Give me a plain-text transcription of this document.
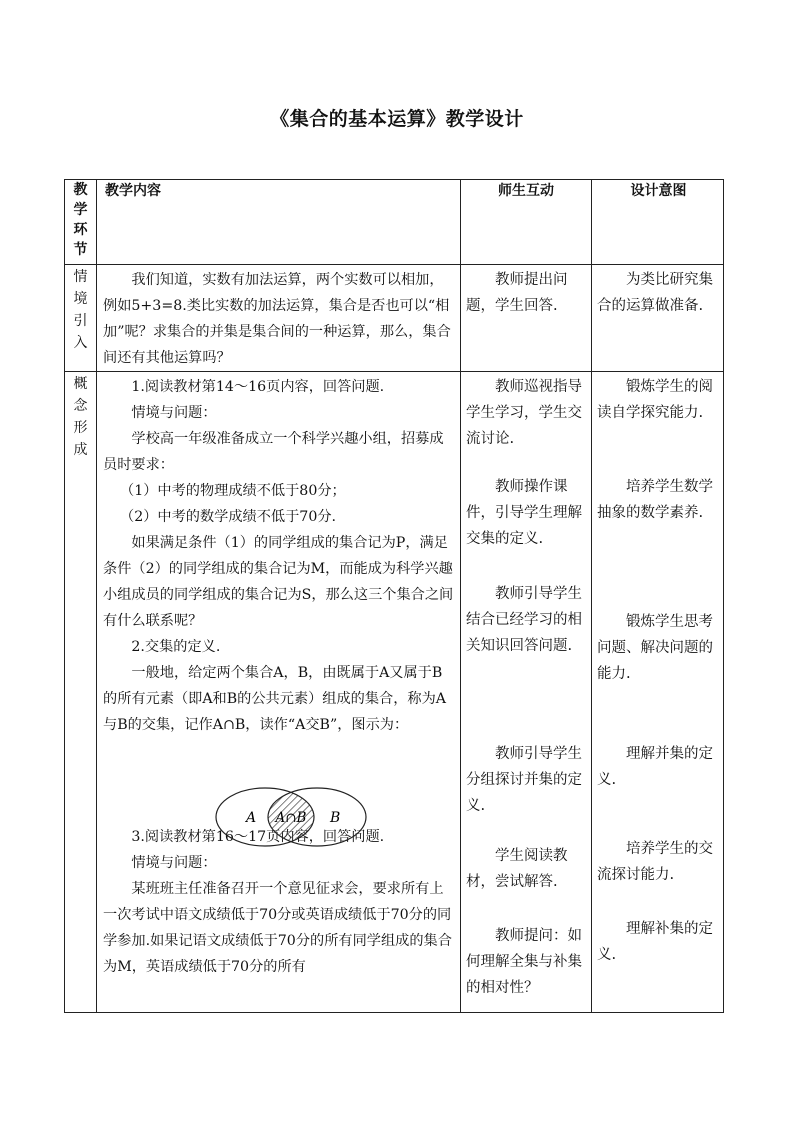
《集合的基本运算》教学设计
教
学
环
节
教学内容	师生互动	设计意图
情
境
引
入
我们知道，实数有加法运算，两个实数可以相加，例如5+3=8.类比实数的加法运算，集合是否也可以“相加”呢？求集合的并集是集合间的一种运算，那么，集合间还有其他运算吗？
教师提出问题，学生回答.
为类比研究集合的运算做准备.
概
念
形
成

1.阅读教材第14～16页内容，回答问题.

情境与问题：

学校高一年级准备成立一个科学兴趣小组，招募成员时要求：

（1）中考的物理成绩不低于80分；

（2）中考的数学成绩不低于70分.

如果满足条件（1）的同学组成的集合记为P，满足条件（2）的同学组成的集合记为M，而能成为科学兴趣小组成员的同学组成的集合记为S，那么这三个集合之间有什么联系呢？

2.交集的定义.

一般地，给定两个集合A，B，由既属于A又属于B的所有元素（即A和B的公共元素）组成的集合，称为A与B的交集，记作A∩B，读作“A交B”，图示为：

3.阅读教材第16～17页内容，回答问题.

情境与问题：

某班班主任准备召开一个意见征求会，要求所有上一次考试中语文成绩低于70分或英语成绩低于70分的同学参加.如果记语文成绩低于70分的所有同学组成的集合为M，英语成绩低于70分的所有

A A∩B B
教师巡视指导学生学习，学生交流讨论.
教师操作课件，引导学生理解交集的定义.
教师引导学生结合已经学习的相关知识回答问题.
教师引导学生分组探讨并集的定义.
学生阅读教材，尝试解答.
教师提问：如何理解全集与补集的相对性？
锻炼学生的阅读自学探究能力.
培养学生数学抽象的数学素养.
锻炼学生思考问题、解决问题的能力.
理解并集的定义.
培养学生的交流探讨能力.
理解补集的定义.
